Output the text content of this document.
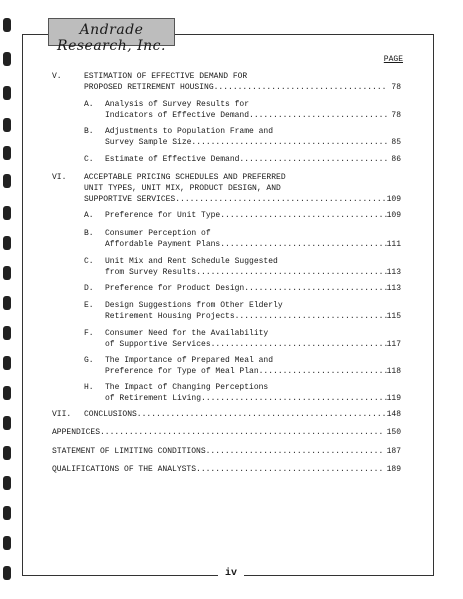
Andrade Research, Inc.
PAGE
V.	ESTIMATION OF EFFECTIVE DEMAND FOR
PROPOSED RETIREMENT HOUSING.................................... 78
A. Analysis of Survey Results for
Indicators of Effective Demand............................. 78
B. Adjustments to Population Frame and
Survey Sample Size......................................... 85
C. Estimate of Effective Demand............................... 86
VI. ACCEPTABLE PRICING SCHEDULES AND PREFERRED
UNIT TYPES, UNIT MIX, PRODUCT DESIGN, AND
SUPPORTIVE SERVICES............................................ 109
A. Preference for Unit Type...................................
109
B. Consumer Perception of
Affordable Payment Plans...................................
111
C. Unit Mix and Rent Schedule Suggested
from Survey Results........................................
113
D. Preference for Product Design..............................
113
E. Design Suggestions from Other Elderly
Retirement Housing Projects................................
115
F. Consumer Need for the Availability
of Supportive Services.....................................
117
G. The Importance of Prepared Meal and
Preference for Type of Meal Plan...........................
118
H. The Impact of Changing Perceptions
of Retirement Living.......................................
119
VII. CONCLUSIONS.................................................... 148
APPENDICES........................................................... 150
STATEMENT OF LIMITING CONDITIONS..................................... 187
QUALIFICATIONS OF THE ANALYSTS....................................... 189
iv
